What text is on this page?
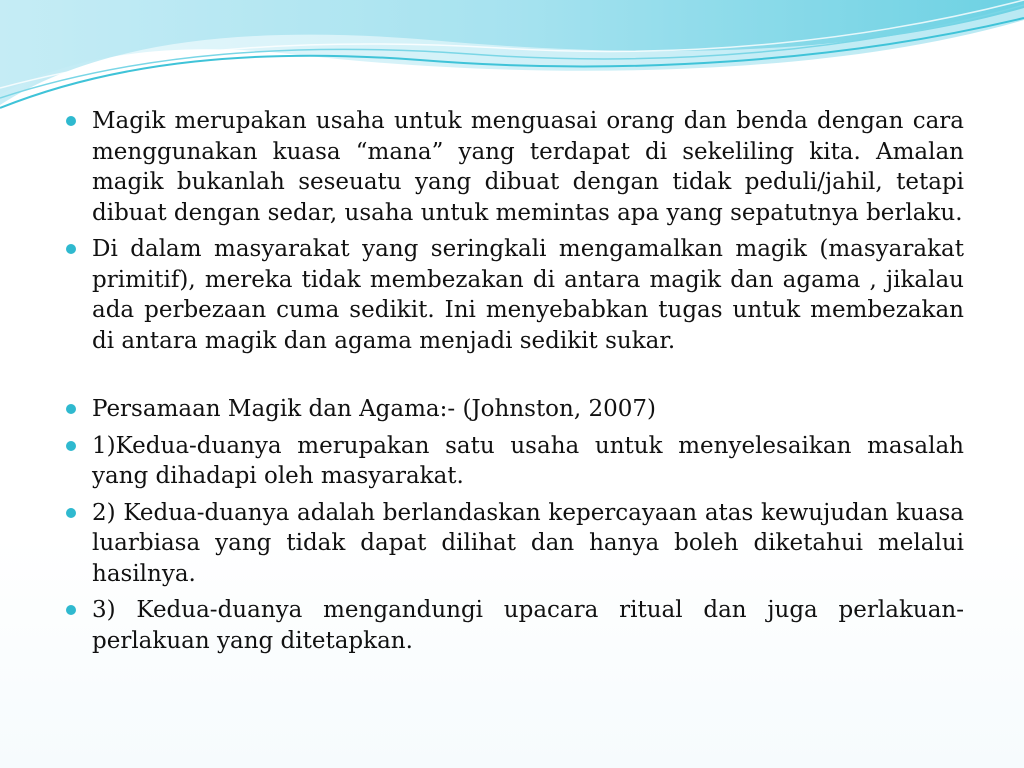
Magik merupakan usaha untuk menguasai orang dan benda dengan cara menggunakan kuasa “mana” yang terdapat di sekeliling kita. Amalan magik bukanlah seseuatu yang dibuat dengan tidak peduli/jahil, tetapi dibuat dengan sedar, usaha untuk memintas apa yang sepatutnya berlaku.

Di dalam masyarakat yang seringkali mengamalkan magik (masyarakat primitif), mereka tidak membezakan di antara magik dan agama , jikalau ada perbezaan cuma sedikit. Ini menyebabkan tugas untuk membezakan di antara magik dan agama menjadi sedikit sukar.

Persamaan Magik dan Agama:- (Johnston, 2007)

1)Kedua-duanya merupakan satu usaha untuk menyelesaikan masalah yang dihadapi oleh masyarakat.

2) Kedua-duanya adalah berlandaskan kepercayaan atas kewujudan kuasa luarbiasa yang tidak dapat dilihat dan hanya boleh diketahui melalui hasilnya.

3) Kedua-duanya mengandungi upacara ritual dan juga perlakuan-perlakuan yang ditetapkan.
